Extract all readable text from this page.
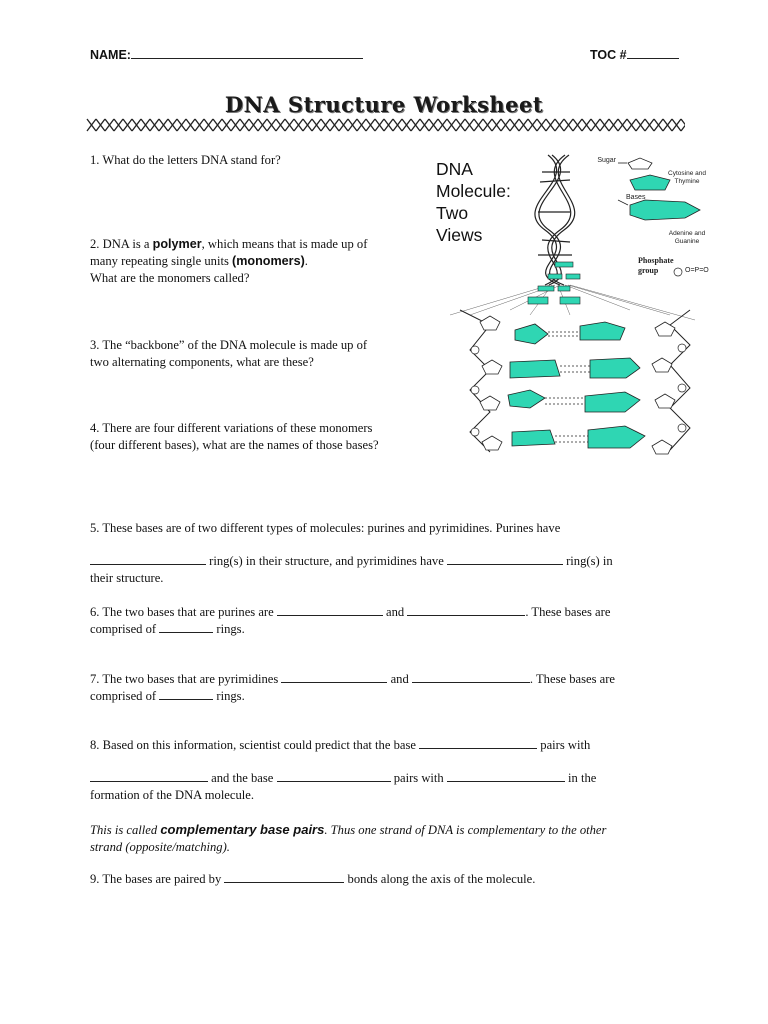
NAME:	TOC #
DNA Structure Worksheet
1. What do the letters DNA stand for?
2. DNA is a polymer, which means that is made up of
many repeating single units (monomers).
What are the monomers called?
3. The “backbone” of the DNA molecule is made up of
two alternating components, what are these?
4. There are four different variations of these monomers
(four different bases), what are the names of those bases?
DNA
Molecule:
Two
Views
O=P=O
Sugar
Cytosine and Thymine
Bases
Adenine and Guanine
Phosphate group
5. These bases are of two different types of molecules: purines and pyrimidines. Purines have
ring(s) in their structure, and pyrimidines have	ring(s) in
their structure.
6. The two bases that are purines are	and	. These bases are
comprised of	rings.
7. The two bases that are pyrimidines	and	. These bases are
comprised of	rings.
8. Based on this information, scientist could predict that the base	pairs with
and the base	pairs with	in the
formation of the DNA molecule.
This is called complementary base pairs. Thus one strand of DNA is complementary to the other
strand (opposite/matching).
9. The bases are paired by	bonds along the axis of the molecule.
